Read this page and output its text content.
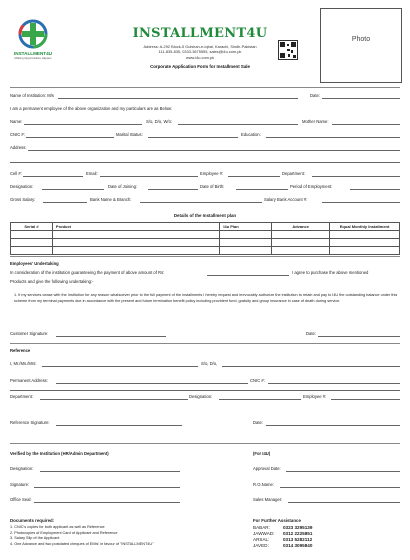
INSTALLMENT4U
Making Opportunities Happen
INSTALLMENT4U
Address: A-292 Block-5 Gulshan-e-Iqbal, Karachi, Sindh-Pakistan
111-835-835, 0333-3675555, sales@i4u.com.pk
www.i4u.com.pk
Corporate Application Form for Installment Sale
Photo
Name of Institution: M/s	Date:
I am a permanent employee of the above organization and my particulars are as Below:
Name:	S/o, D/o, W/o:	Mother Name:
CNIC #:	Marital Status:	Education:
Address:
Cell #:	Email:	Employee #:	Department:
Designation:	Date of Joining:	Date of Birth:	Period of Employment:
Gross Salary:	Bank Name & Branch:	Salary Bank Account #:
Details of the Installment plan
Serial #	Product	I4u Plan	Advance	Equal Monthly Installment

Employees' Undertaking
In consideration of the institution guaranteeing the payment of above amount of Rs:	I agree to purchase the above mentioned
Products and give the following undertaking:-
1. If my services cease with the Institution for any reason whatsoever prior to the full payment of the installments I hereby request and irrevocably authorize the institution to retain and pay to I4U the outstanding balance under this scheme from my terminal payments due in accordance with the present and future termination benefit policy including provident fund, gratuity and group insurance in case of death during service.
Customer Signature:	Date:
Reference
I, Mr./Ms./Mrs:	S/o, D/o,
Permanent Address:	CNIC #:
Department:	Designation:	Employee #:
Reference Signature:	Date:
Verified by the Institution (HR/Admin Department)	(For I4U)
Designation:	Approval Date:
Signature:	R.O.Name:
Office Seal:	Sales Manager:
Documents required:
1. CNIC's copies for both applicant as well as Reference
2. Photocopies of Employment Card of Applicant and Reference
3. Salary Slip of the Applicant
4. One Advance and two postdated cheques of EMIs' in favour of "INSTALLMENT4U"
For Further Assistance
BABAR:	0323 3295139
JAWWAD: 0312 2225851
ARSAL:	0313 5282112
JAVED:	0314 3095840
